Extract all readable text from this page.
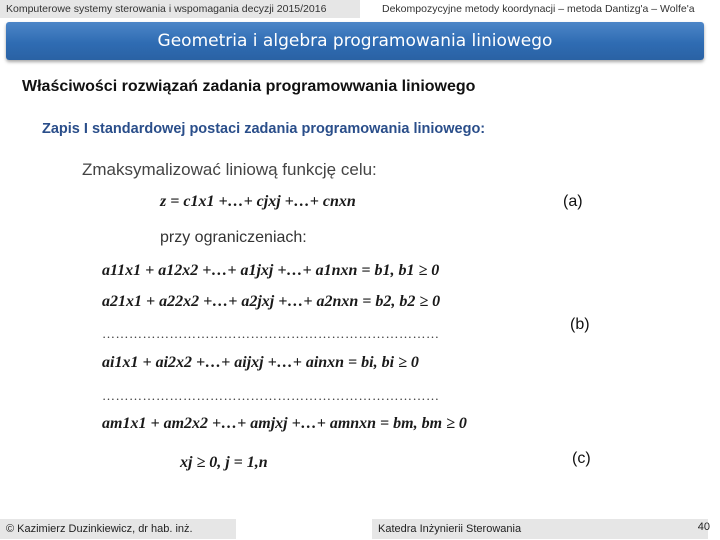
Komputerowe systemy sterowania i wspomagania decyzji 2015/2016	Dekompozycyjne metody koordynacji – metoda Dantizg'a – Wolfe'a
Geometria i algebra programowania liniowego
Właściwości rozwiązań zadania programowwania liniowego
Zapis I standardowej postaci zadania programowania liniowego:
Zmaksymalizować liniową funkcję celu:
z = c1x1 +…+ cjxj +…+ cnxn	(a)
przy ograniczeniach:
a11x1 + a12x2 +…+ a1jxj +…+ a1nxn = b1, b1 ≥ 0
a21x1 + a22x2 +…+ a2jxj +…+ a2nxn = b2, b2 ≥ 0
…………………………………………………………………
(b)
ai1x1 + ai2x2 +…+ aijxj +…+ ainxn = bi, bi ≥ 0
…………………………………………………………………
am1x1 + am2x2 +…+ amjxj +…+ amnxn = bm, bm ≥ 0
xj ≥ 0, j = 1,n	(c)
© Kazimierz Duzinkiewicz, dr hab. inż.	Katedra Inżynierii Sterowania	40
